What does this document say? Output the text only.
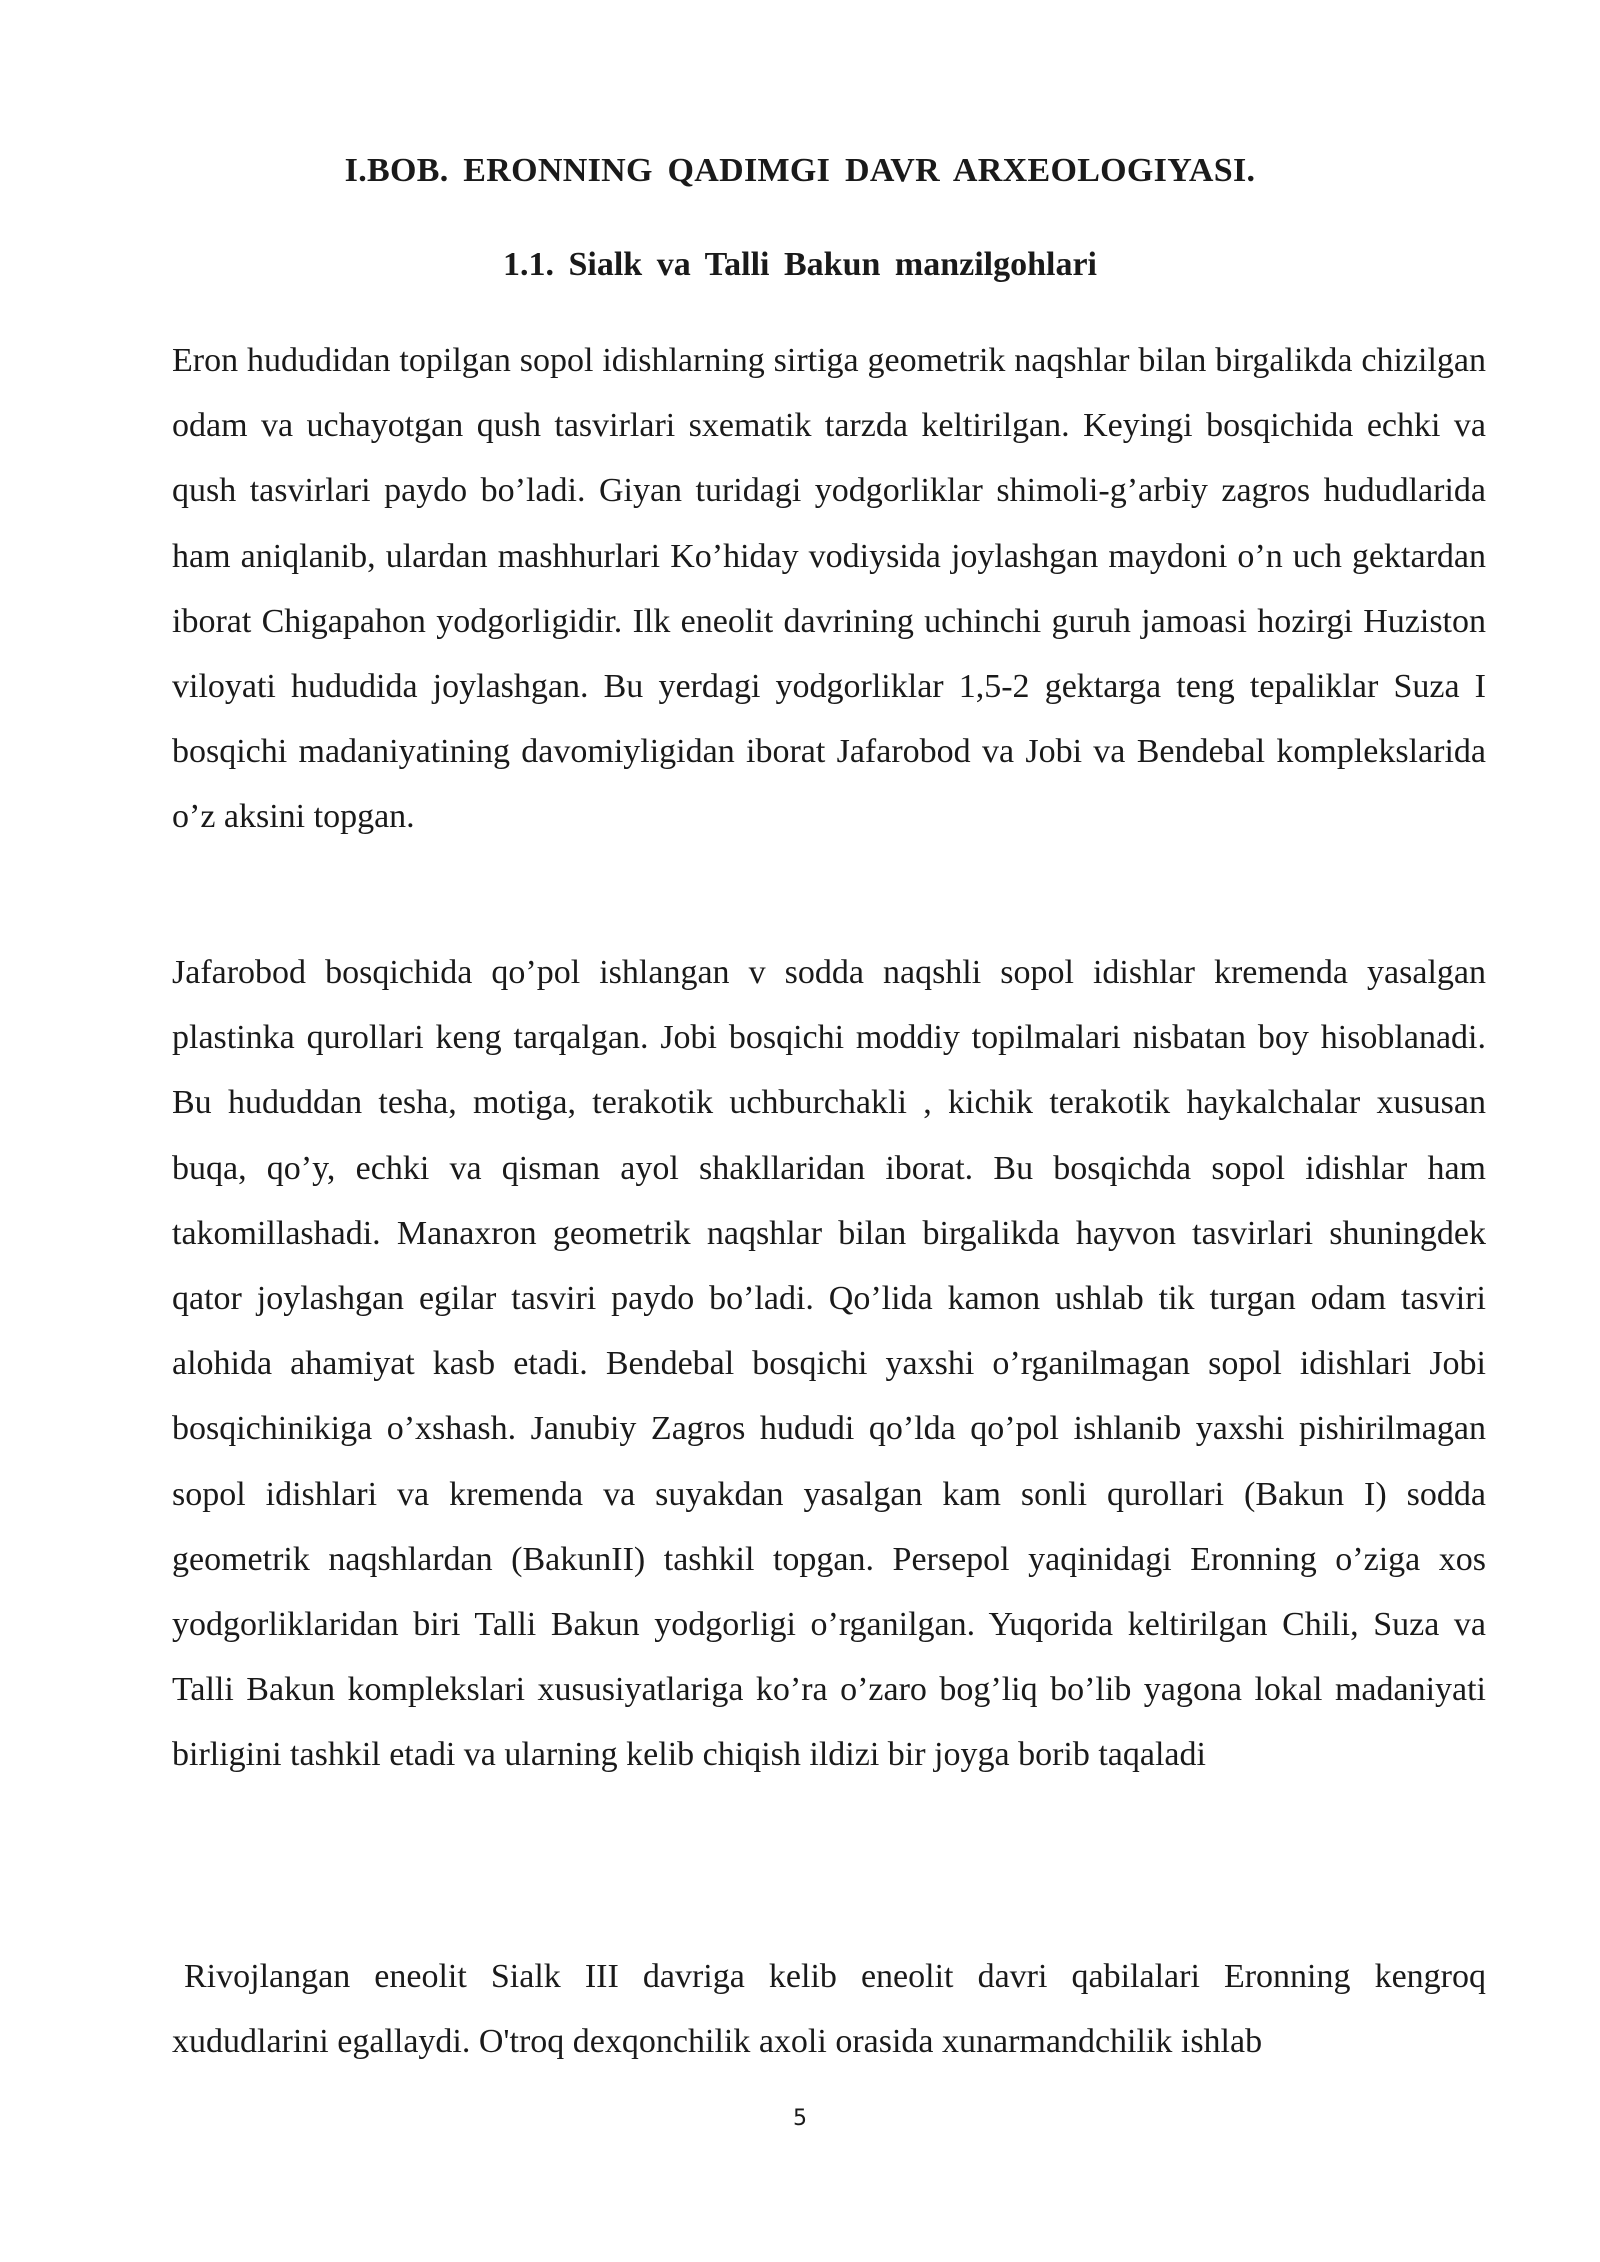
I.BOB. ERONNING QADIMGI DAVR ARXEOLOGIYASI.
1.1. Sialk va Talli Bakun manzilgohlari

Eron hududidan topilgan sopol idishlarning sirtiga geometrik naqshlar bilan birgalikda chizilgan odam va uchayotgan qush tasvirlari sxematik tarzda keltirilgan. Keyingi bosqichida echki va qush tasvirlari paydo bo’ladi. Giyan turidagi yodgorliklar shimoli-g’arbiy zagros hududlarida ham aniqlanib, ulardan mashhurlari Ko’hiday vodiysida joylashgan maydoni o’n uch gektardan iborat Chigapahon yodgorligidir. Ilk eneolit davrining uchinchi guruh jamoasi hozirgi Huziston viloyati hududida joylashgan. Bu yerdagi yodgorliklar 1,5-2 gektarga teng tepaliklar Suza I bosqichi madaniyatining davomiyligidan iborat Jafarobod va Jobi va Bendebal komplekslarida o’z aksini topgan.

Jafarobod bosqichida qo’pol ishlangan v sodda naqshli sopol idishlar kremenda yasalgan plastinka qurollari keng tarqalgan. Jobi bosqichi moddiy topilmalari nisbatan boy hisoblanadi. Bu hududdan tesha, motiga, terakotik uchburchakli , kichik terakotik haykalchalar xususan buqa, qo’y, echki va qisman ayol shakllaridan iborat. Bu bosqichda sopol idishlar ham takomillashadi. Manaxron geometrik naqshlar bilan birgalikda hayvon tasvirlari shuningdek qator joylashgan egilar tasviri paydo bo’ladi. Qo’lida kamon ushlab tik turgan odam tasviri alohida ahamiyat kasb etadi. Bendebal bosqichi yaxshi o’rganilmagan sopol idishlari Jobi bosqichinikiga o’xshash. Janubiy Zagros hududi qo’lda qo’pol ishlanib yaxshi pishirilmagan sopol idishlari va kremenda va suyakdan yasalgan kam sonli qurollari (Bakun I) sodda geometrik naqshlardan (BakunII) tashkil topgan. Persepol yaqinidagi Eronning o’ziga xos yodgorliklaridan biri Talli Bakun yodgorligi o’rganilgan. Yuqorida keltirilgan Chili, Suza va Talli Bakun komplekslari xususiyatlariga ko’ra o’zaro bog’liq bo’lib yagona lokal madaniyati birligini tashkil etadi va ularning kelib chiqish ildizi bir joyga borib taqaladi

Rivojlangan eneolit Sialk III davriga kelib eneolit davri qabilalari Eronning kengroq xududlarini egallaydi. O'troq dexqonchilik axoli orasida xunarmandchilik ishlab

5
